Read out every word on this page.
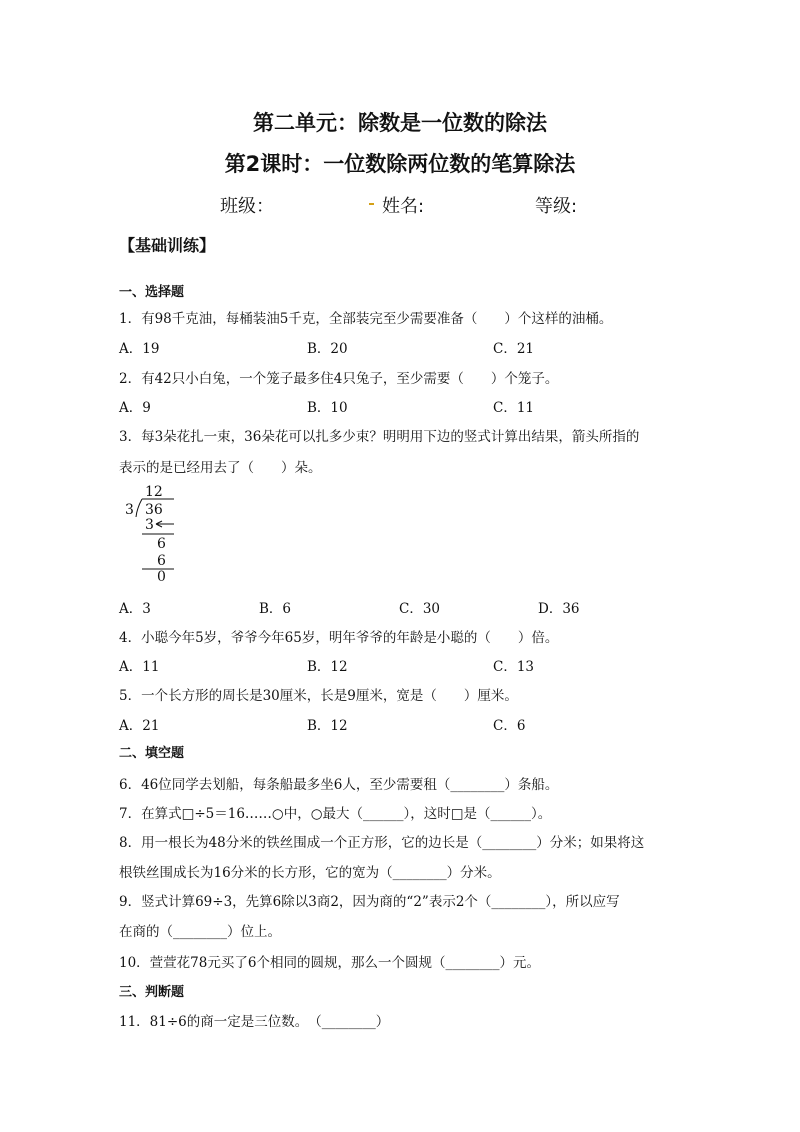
第二单元：除数是一位数的除法
第2课时：一位数除两位数的笔算除法
班级：	姓名:	等级:
【基础训练】
一、选择题
1．有98千克油，每桶装油5千克，全部装完至少需要准备（　　）个这样的油桶。
A．19	B．20	C．21
2．有42只小白兔，一个笼子最多住4只兔子，至少需要（　　）个笼子。
A．9	B．10	C．11
3．每3朵花扎一束，36朵花可以扎多少束？明明用下边的竖式计算出结果，箭头所指的
表示的是已经用去了（　　）朵。
12
3 36
3
6
6
0
A．3	B．6	C．30	D．36
4．小聪今年5岁，爷爷今年65岁，明年爷爷的年龄是小聪的（　　）倍。
A．11	B．12	C．13
5．一个长方形的周长是30厘米，长是9厘米，宽是（　　）厘米。
A．21	B．12	C．6
二、填空题
6．46位同学去划船，每条船最多坐6人，至少需要租（________）条船。
7．在算式□÷5＝16……○中，○最大（______），这时□是（______）。
8．用一根长为48分米的铁丝围成一个正方形，它的边长是（________）分米；如果将这
根铁丝围成长为16分米的长方形，它的宽为（________）分米。
9．竖式计算69÷3，先算6除以3商2，因为商的“2”表示2个（________），所以应写
在商的（________）位上。
10．萱萱花78元买了6个相同的圆规，那么一个圆规（________）元。
三、判断题
11．81÷6的商一定是三位数。　（________）
